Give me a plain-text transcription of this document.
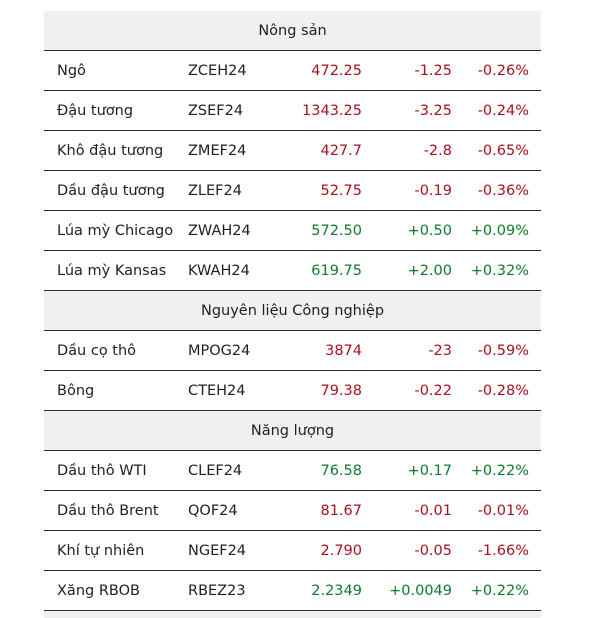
Nông sản				
Ngô	ZCEH24	472.25	-1.25	-0.26%
Đậu tương	ZSEF24	1343.25	-3.25	-0.24%
Khô đậu tương	ZMEF24	427.7	-2.8	-0.65%
Dầu đậu tương	ZLEF24	52.75	-0.19	-0.36%
Lúa mỳ Chicago	ZWAH24	572.50	+0.50	+0.09%
Lúa mỳ Kansas	KWAH24	619.75	+2.00	+0.32%
Nguyên liệu Công nghiệp				
Dầu cọ thô	MPOG24	3874	-23	-0.59%
Bông	CTEH24	79.38	-0.22	-0.28%
Năng lượng				
Dầu thô WTI	CLEF24	76.58	+0.17	+0.22%
Dầu thô Brent	QOF24	81.67	-0.01	-0.01%
Khí tự nhiên	NGEF24	2.790	-0.05	-1.66%
Xăng RBOB	RBEZ23	2.2349	+0.0049	+0.22%
